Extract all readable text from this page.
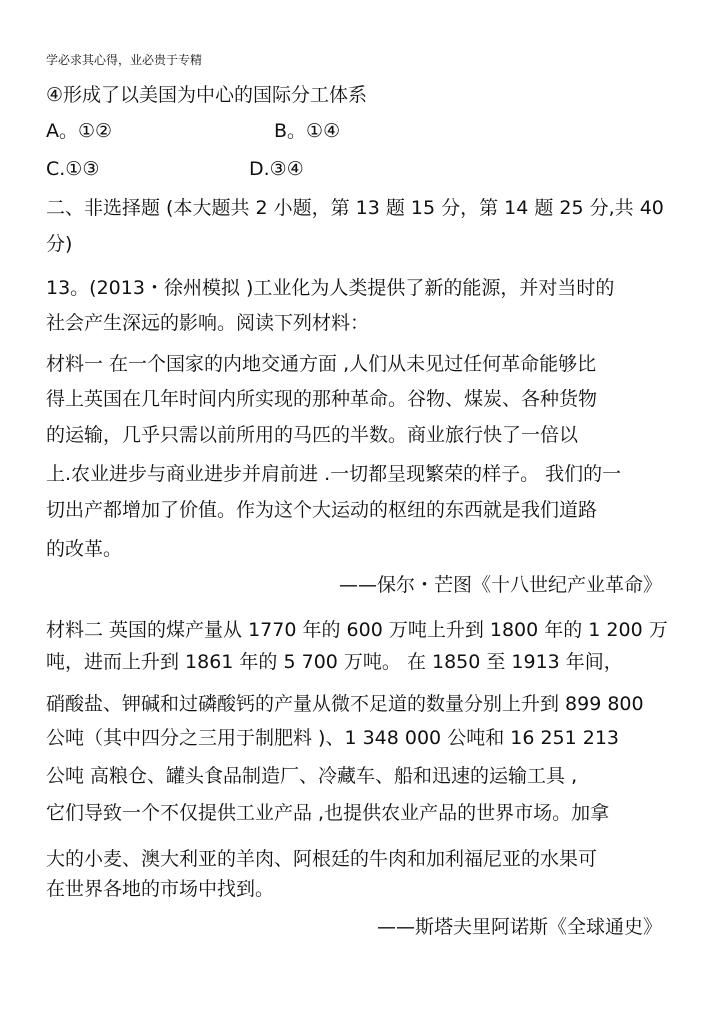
学必求其心得，业必贵于专精
④形成了以美国为中心的国际分工体系
A。①②	B。①④
C.①③	D.③④
二、非选择题 (本大题共 2 小题，第 13 题 15 分，第 14 题 25 分,共 40
分)
13。(2013・徐州模拟 )工业化为人类提供了新的能源，并对当时的
社会产生深远的影响。阅读下列材料：
材料一 在一个国家的内地交通方面 ,人们从未见过任何革命能够比
得上英国在几年时间内所实现的那种革命。谷物、煤炭、各种货物
的运输，几乎只需以前所用的马匹的半数。商业旅行快了一倍以
上.农业进步与商业进步并肩前进 .一切都呈现繁荣的样子。 我们的一
切出产都增加了价值。作为这个大运动的枢纽的东西就是我们道路
的改革。
——保尔・芒图《十八世纪产业革命》
材料二 英国的煤产量从 1770 年的 600 万吨上升到 1800 年的 1 200 万
吨，进而上升到 1861 年的 5 700 万吨。 在 1850 至 1913 年间，
硝酸盐、钾碱和过磷酸钙的产量从微不足道的数量分别上升到 899 800
公吨（其中四分之三用于制肥料 )、1 348 000 公吨和 16 251 213
公吨 高粮仓、罐头食品制造厂、冷藏车、船和迅速的运输工具 ,
它们导致一个不仅提供工业产品 ,也提供农业产品的世界市场。加拿
大的小麦、澳大利亚的羊肉、阿根廷的牛肉和加利福尼亚的水果可
在世界各地的市场中找到。
——斯塔夫里阿诺斯《全球通史》
